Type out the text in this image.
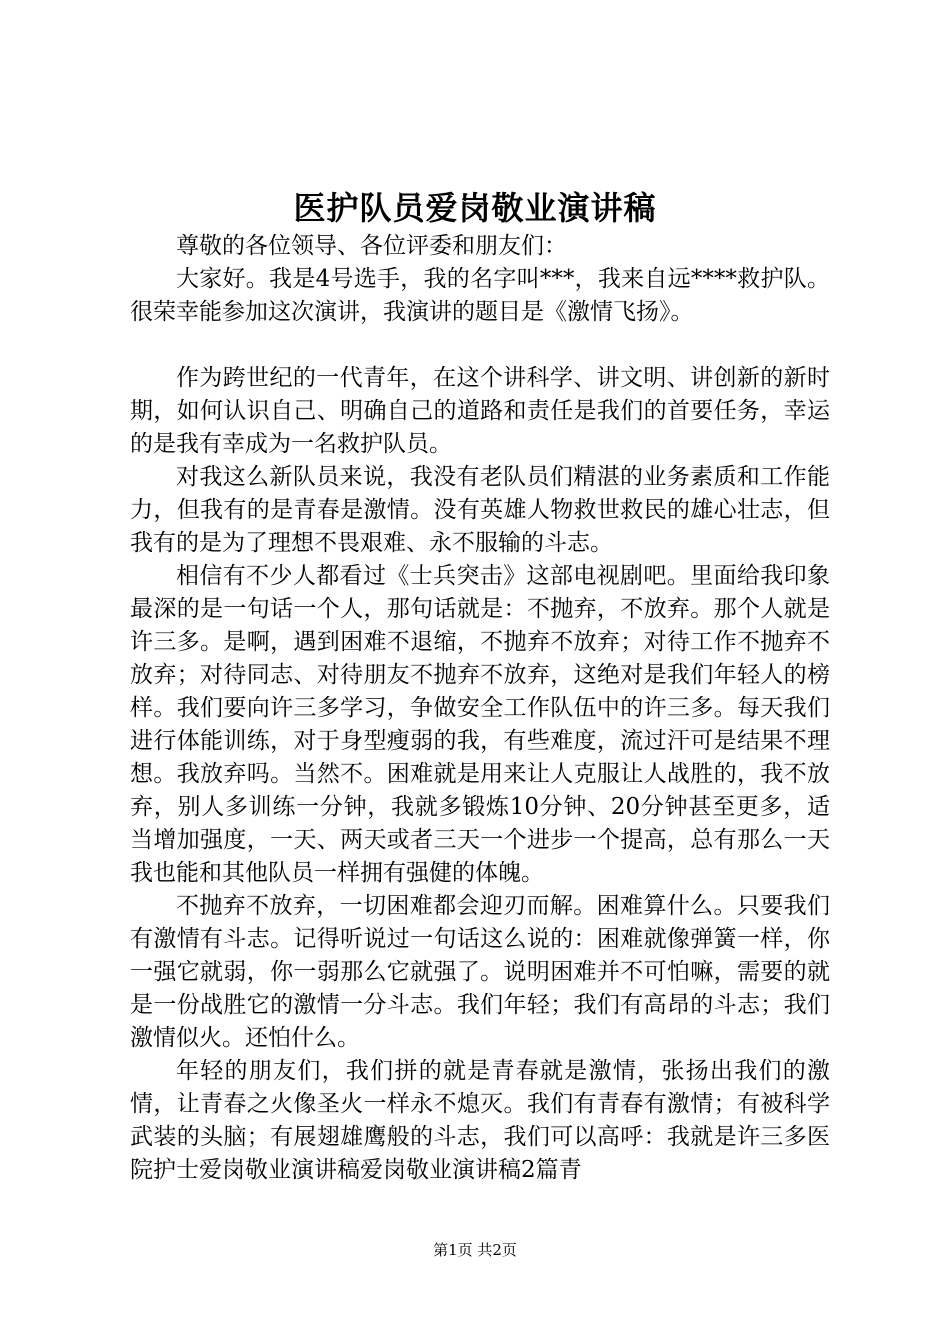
医护队员爱岗敬业演讲稿

尊敬的各位领导、各位评委和朋友们：

大家好。我是4号选手，我的名字叫***，我来自远****救护队。很荣幸能参加这次演讲，我演讲的题目是《激情飞扬》。

作为跨世纪的一代青年，在这个讲科学、讲文明、讲创新的新时期，如何认识自己、明确自己的道路和责任是我们的首要任务，幸运的是我有幸成为一名救护队员。

对我这么新队员来说，我没有老队员们精湛的业务素质和工作能力，但我有的是青春是激情。没有英雄人物救世救民的雄心壮志，但我有的是为了理想不畏艰难、永不服输的斗志。

相信有不少人都看过《士兵突击》这部电视剧吧。里面给我印象最深的是一句话一个人，那句话就是：不抛弃，不放弃。那个人就是许三多。是啊，遇到困难不退缩，不抛弃不放弃；对待工作不抛弃不放弃；对待同志、对待朋友不抛弃不放弃，这绝对是我们年轻人的榜样。我们要向许三多学习，争做安全工作队伍中的许三多。每天我们进行体能训练，对于身型瘦弱的我，有些难度，流过汗可是结果不理想。我放弃吗。当然不。困难就是用来让人克服让人战胜的，我不放弃，别人多训练一分钟，我就多锻炼10分钟、20分钟甚至更多，适当增加强度，一天、两天或者三天一个进步一个提高，总有那么一天我也能和其他队员一样拥有强健的体魄。

不抛弃不放弃，一切困难都会迎刃而解。困难算什么。只要我们有激情有斗志。记得听说过一句话这么说的：困难就像弹簧一样，你一强它就弱，你一弱那么它就强了。说明困难并不可怕嘛，需要的就是一份战胜它的激情一分斗志。我们年轻；我们有高昂的斗志；我们激情似火。还怕什么。

年轻的朋友们，我们拼的就是青春就是激情，张扬出我们的激情，让青春之火像圣火一样永不熄灭。我们有青春有激情；有被科学武装的头脑；有展翅雄鹰般的斗志，我们可以高呼：我就是许三多医院护士爱岗敬业演讲稿爱岗敬业演讲稿2篇青

第1页 共2页
